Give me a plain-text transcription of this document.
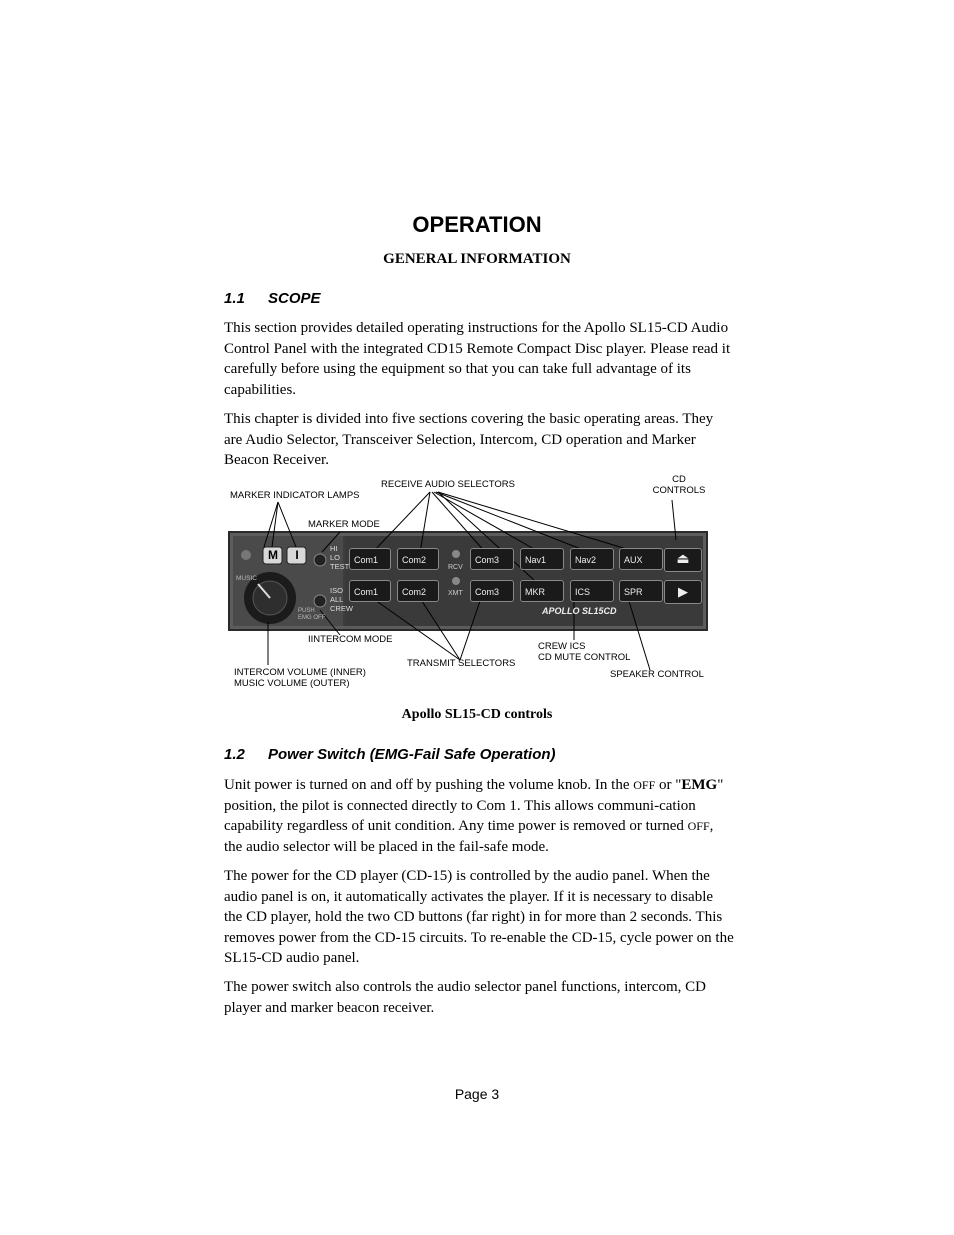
OPERATION
GENERAL INFORMATION
1.1 SCOPE
This section provides detailed operating instructions for the Apollo SL15-CD Audio Control Panel with the integrated CD15 Remote Compact Disc player. Please read it carefully before using the equipment so that you can take full advantage of its capabilities.
This chapter is divided into five sections covering the basic operating areas. They are Audio Selector, Transceiver Selection, Intercom, CD operation and Marker Beacon Receiver.
M	I	HI
LO
TEST
ISO
ALL
CREW
MUSIC
PUSH
EMG OFF
RCV
XMT
Com1	Com2	Com3	Nav1	Nav2	AUX	⏏
Com1	Com2	Com3	MKR	ICS	SPR	▶
APOLLO SL15CD
MARKER INDICATOR LAMPS
RECEIVE AUDIO SELECTORS	CD
CONTROLS
MARKER MODE
IINTERCOM MODE
TRANSMIT SELECTORS
CREW ICS
CD MUTE CONTROL
SPEAKER CONTROL
INTERCOM VOLUME (INNER)
MUSIC VOLUME (OUTER)
Apollo SL15-CD controls
1.2 Power Switch (EMG-Fail Safe Operation)
Unit power is turned on and off by pushing the volume knob. In the OFF or "EMG" position, the pilot is connected directly to Com 1. This allows communi-cation capability regardless of unit condition. Any time power is removed or turned OFF, the audio selector will be placed in the fail-safe mode.
The power for the CD player (CD-15) is controlled by the audio panel. When the audio panel is on, it automatically activates the player. If it is necessary to disable the CD player, hold the two CD buttons (far right) in for more than 2 seconds. This removes power from the CD-15 circuits. To re-enable the CD-15, cycle power on the SL15-CD audio panel.
The power switch also controls the audio selector panel functions, intercom, CD player and marker beacon receiver.
Page 3
